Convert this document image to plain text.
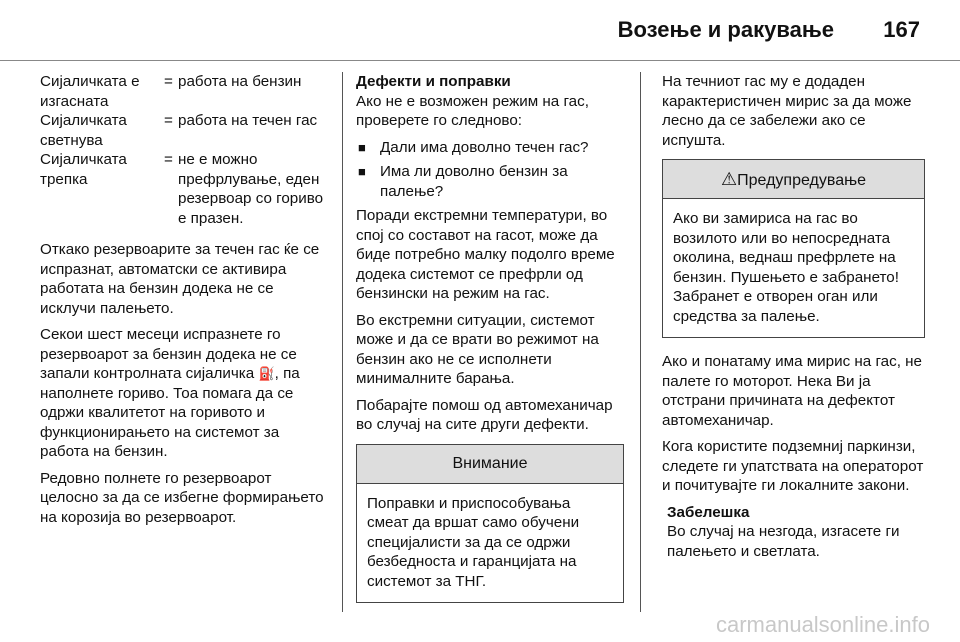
Возење и ракување 167
Сијаличката е изгасната
= работа на бензин
Сијаличката светнува
= работа на течен гас
Сијаличката трепка
= не е можно префрлување, еден резервоар со гориво е празен.

Откако резервоарите за течен гас ќе се испразнат, автоматски се активира работата на бензин додека не се исклучи палењето.

Секои шест месеци испразнете го резервоарот за бензин додека не се запали контролната сијаличка ⛽, па наполнете гориво. Тоа помага да се одржи квалитетот на горивото и функционирањето на системот за работа на бензин.

Редовно полнете го резервоарот целосно за да се избегне формирањето на корозија во резервоарот.

Дефекти и поправки

Ако не е возможен режим на гас, проверете го следново:

■ Дали има доволно течен гас?
■ Има ли доволно бензин за палење?

Поради екстремни температури, во спој со составот на гасот, може да биде потребно малку подолго време додека системот се префрли од бензински на режим на гас.

Во екстремни ситуации, системот може и да се врати во режимот на бензин ако не се исполнети минималните барања.

Побарајте помош од автомеханичар во случај на сите други дефекти.

Внимание
Поправки и приспособувања смеат да вршат само обучени специјалисти за да се одржи безбедноста и гаранцијата на системот за ТНГ.

На течниот гас му е додаден карактеристичен мирис за да може лесно да се забележи ако се испушта.

⚠Предупредување
Ако ви замириса на гас во возилото или во непосредната околина, веднаш префрлете на бензин. Пушењето е забрането! Забранет е отворен оган или средства за палење.

Ако и понатаму има мирис на гас, не палете го моторот. Нека Ви ја отстрани причината на дефектот автомеханичар.

Кога користите подземниј паркинзи, следете ги упатствата на операторот и почитувајте ги локалните закони.

Забелешка
Во случај на незгода, изгасете ги палењето и светлата.
carmanualsonline.info
